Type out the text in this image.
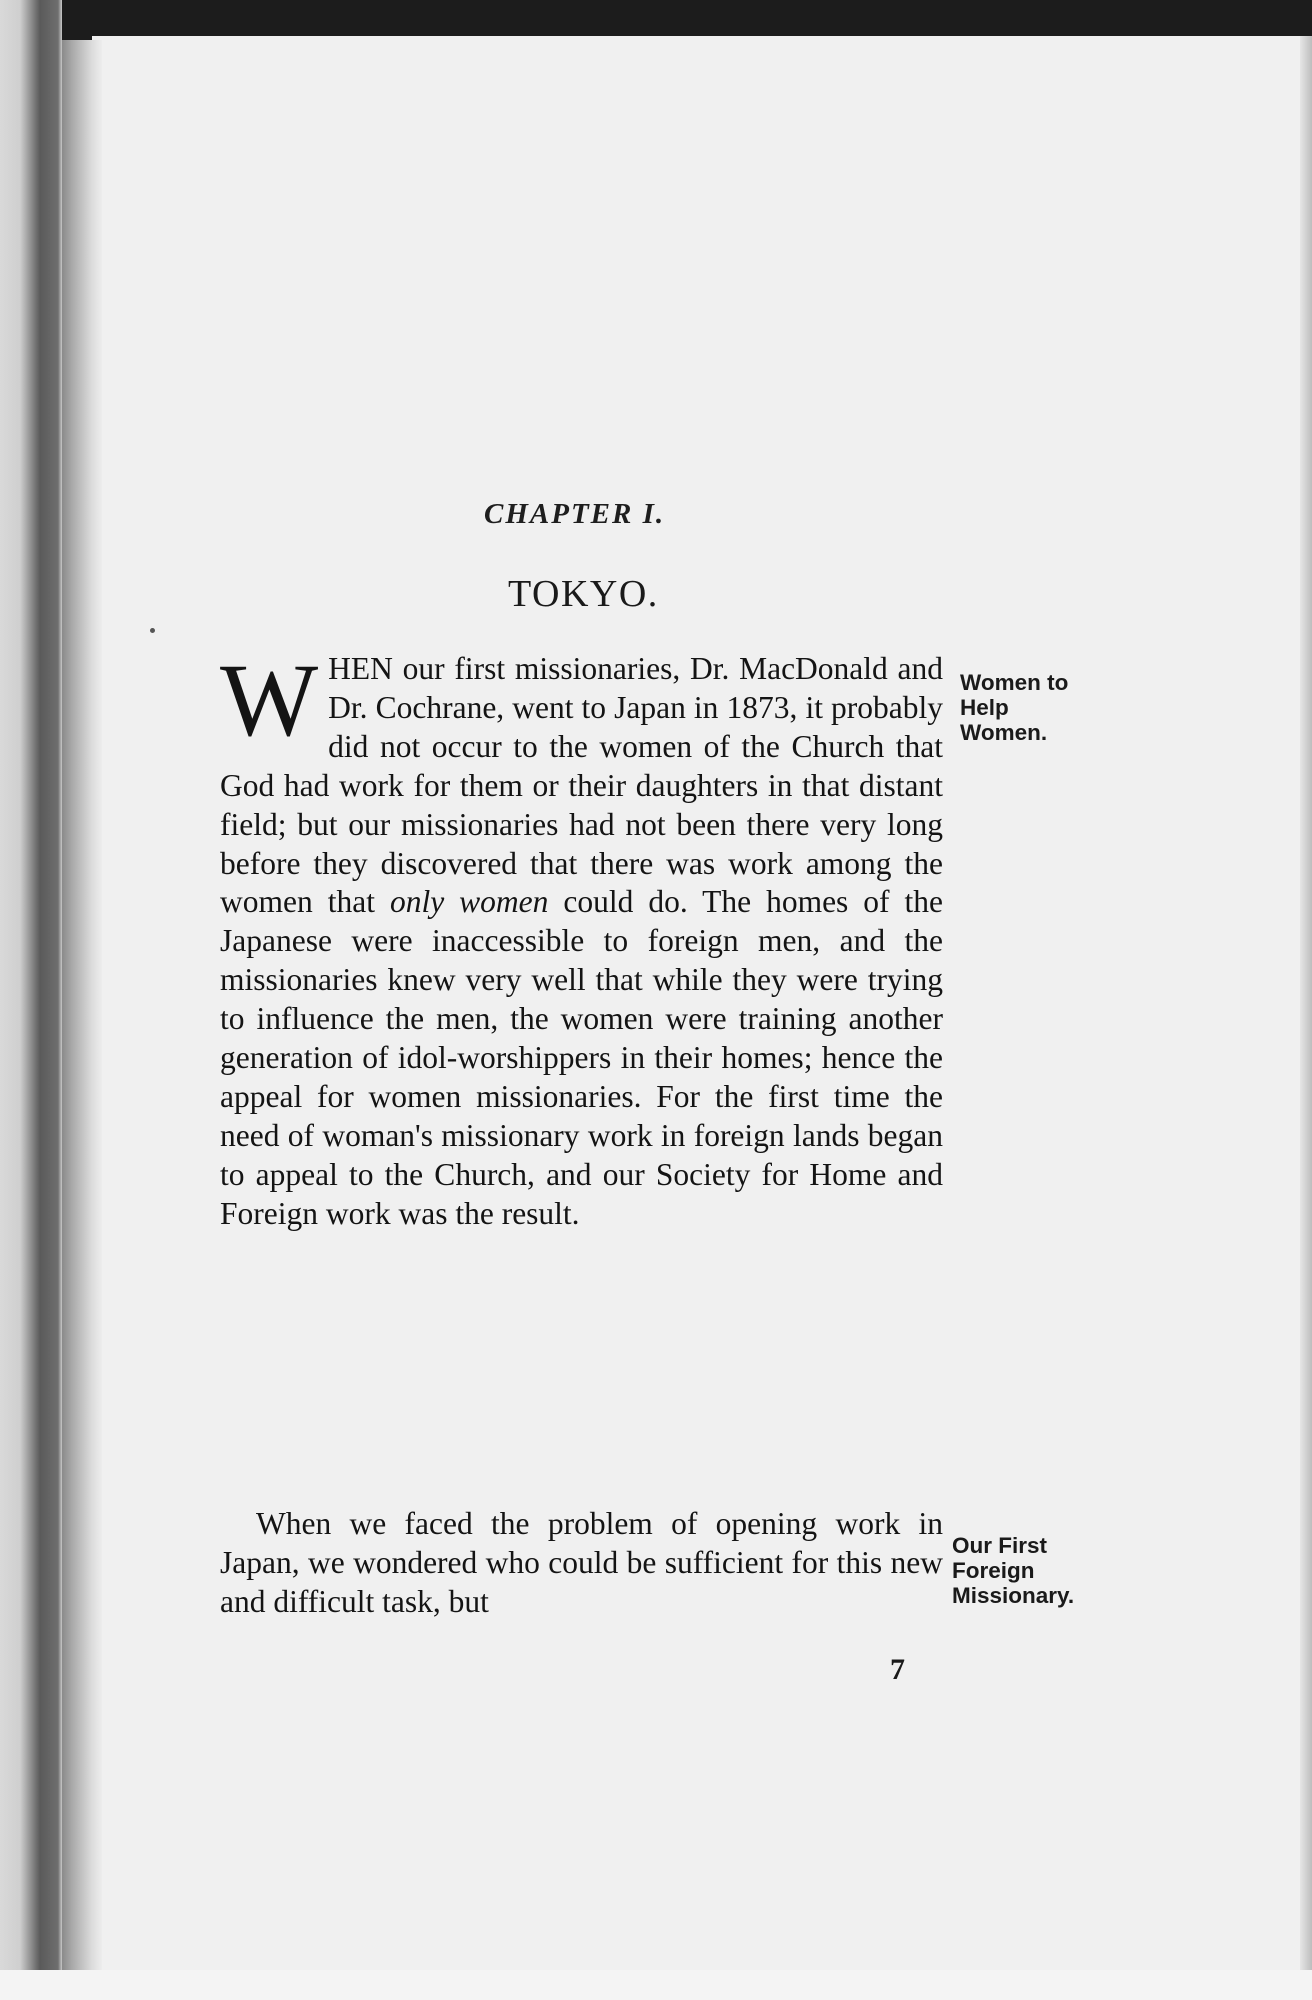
CHAPTER I.
TOKYO.

WHEN our first missionaries, Dr. MacDonald and Dr. Cochrane, went to Japan in 1873, it probably did not occur to the women of the Church that God had work for them or their daughters in that distant field; but our missionaries had not been there very long before they discovered that there was work among the women that only women could do. The homes of the Japanese were inaccessible to foreign men, and the missionaries knew very well that while they were trying to influence the men, the women were training another generation of idol-worshippers in their homes; hence the appeal for women missionaries. For the first time the need of woman's missionary work in foreign lands began to appeal to the Church, and our Society for Home and Foreign work was the result.

When we faced the problem of opening work in Japan, we wondered who could be sufficient for this new and difficult task, but

Women to
Help
Women.
Our First
Foreign
Missionary.
7
